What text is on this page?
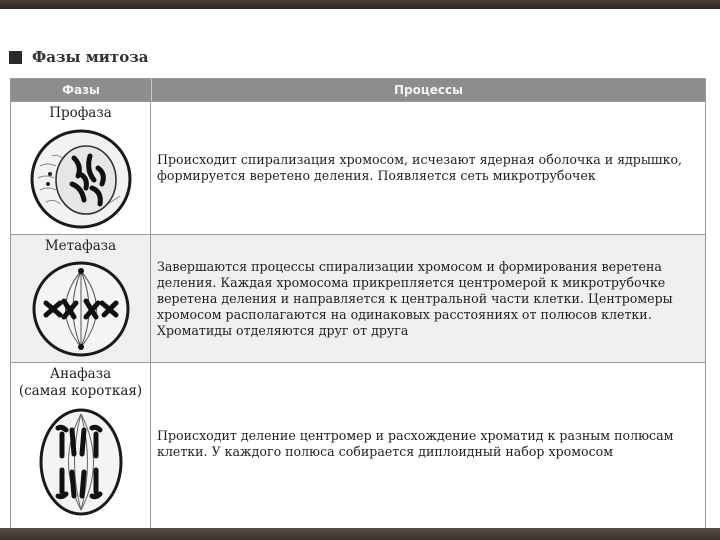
Фазы митоза
Фазы	Процессы
Профаза
Происходит спирализация хромосом, исчезают ядерная оболочка и ядрышко, формируется веретено деления. Появляется сеть микротрубочек
Метафаза
Завершаются процессы спирализации хромосом и формирования веретена деления. Каждая хромосома прикрепляется центромерой к микротрубочке веретена деления и направляется к центральной части клетки. Центромеры хромосом располагаются на одинаковых расстояниях от полюсов клетки. Хроматиды отделяются друг от друга
Анафаза
(самая короткая)
Происходит деление центромер и расхождение хроматид к разным полюсам клетки. У каждого полюса собирается диплоидный набор хромосом
